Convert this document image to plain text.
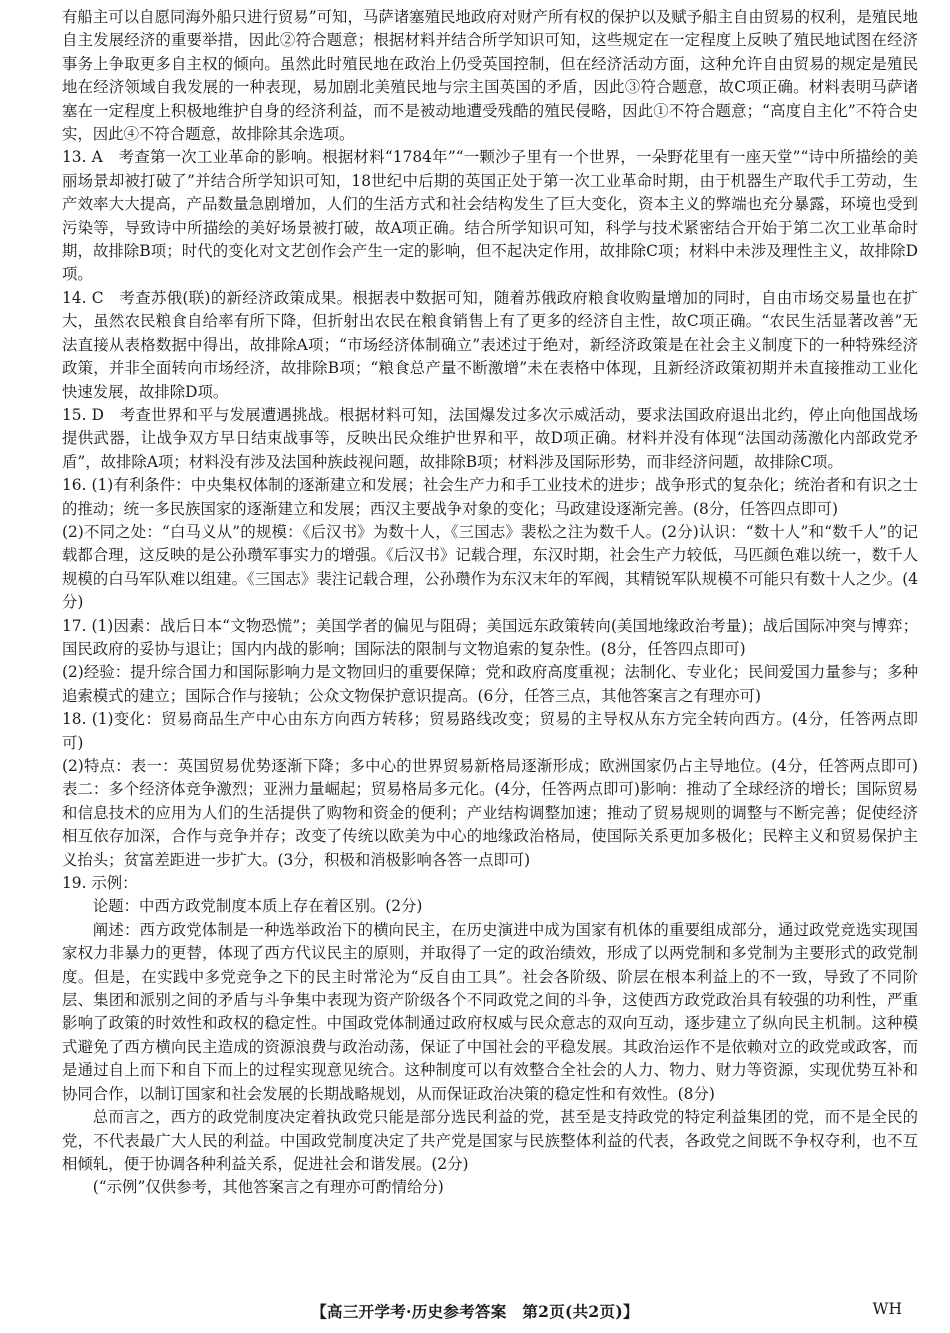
有船主可以自愿同海外船只进行贸易”可知，马萨诸塞殖民地政府对财产所有权的保护以及赋予船主自由贸易的权利，是殖民地自主发展经济的重要举措，因此②符合题意；根据材料并结合所学知识可知，这些规定在一定程度上反映了殖民地试图在经济事务上争取更多自主权的倾向。虽然此时殖民地在政治上仍受英国控制，但在经济活动方面，这种允许自由贸易的规定是殖民地在经济领域自我发展的一种表现，易加剧北美殖民地与宗主国英国的矛盾，因此③符合题意，故C项正确。材料表明马萨诸塞在一定程度上积极地维护自身的经济利益，而不是被动地遭受残酷的殖民侵略，因此①不符合题意；“高度自主化”不符合史实，因此④不符合题意，故排除其余选项。

13. A　考查第一次工业革命的影响。根据材料“1784年”“一颗沙子里有一个世界，一朵野花里有一座天堂”“诗中所描绘的美丽场景却被打破了”并结合所学知识可知，18世纪中后期的英国正处于第一次工业革命时期，由于机器生产取代手工劳动，生产效率大大提高，产品数量急剧增加，人们的生活方式和社会结构发生了巨大变化，资本主义的弊端也充分暴露，环境也受到污染等，导致诗中所描绘的美好场景被打破，故A项正确。结合所学知识可知，科学与技术紧密结合开始于第二次工业革命时期，故排除B项；时代的变化对文艺创作会产生一定的影响，但不起决定作用，故排除C项；材料中未涉及理性主义，故排除D项。

14. C　考查苏俄(联)的新经济政策成果。根据表中数据可知，随着苏俄政府粮食收购量增加的同时，自由市场交易量也在扩大，虽然农民粮食自给率有所下降，但折射出农民在粮食销售上有了更多的经济自主性，故C项正确。“农民生活显著改善”无法直接从表格数据中得出，故排除A项；“市场经济体制确立”表述过于绝对，新经济政策是在社会主义制度下的一种特殊经济政策，并非全面转向市场经济，故排除B项；“粮食总产量不断激增”未在表格中体现，且新经济政策初期并未直接推动工业化快速发展，故排除D项。

15. D　考查世界和平与发展遭遇挑战。根据材料可知，法国爆发过多次示威活动，要求法国政府退出北约，停止向他国战场提供武器，让战争双方早日结束战事等，反映出民众维护世界和平，故D项正确。材料并没有体现“法国动荡激化内部政党矛盾”，故排除A项；材料没有涉及法国种族歧视问题，故排除B项；材料涉及国际形势，而非经济问题，故排除C项。

16. (1)有利条件：中央集权体制的逐渐建立和发展；社会生产力和手工业技术的进步；战争形式的复杂化；统治者和有识之士的推动；统一多民族国家的逐渐建立和发展；西汉主要战争对象的变化；马政建设逐渐完善。(8分，任答四点即可)

(2)不同之处：“白马义从”的规模：《后汉书》为数十人，《三国志》裴松之注为数千人。(2分)认识：“数十人”和“数千人”的记载都合理，这反映的是公孙瓒军事实力的增强。《后汉书》记载合理，东汉时期，社会生产力较低，马匹颜色难以统一，数千人规模的白马军队难以组建。《三国志》裴注记载合理，公孙瓒作为东汉末年的军阀，其精锐军队规模不可能只有数十人之少。(4分)

17. (1)因素：战后日本“文物恐慌”；美国学者的偏见与阻碍；美国远东政策转向(美国地缘政治考量)；战后国际冲突与博弈；国民政府的妥协与退让；国内内战的影响；国际法的限制与文物追索的复杂性。(8分，任答四点即可)

(2)经验：提升综合国力和国际影响力是文物回归的重要保障；党和政府高度重视；法制化、专业化；民间爱国力量参与；多种追索模式的建立；国际合作与接轨；公众文物保护意识提高。(6分，任答三点，其他答案言之有理亦可)

18. (1)变化：贸易商品生产中心由东方向西方转移；贸易路线改变；贸易的主导权从东方完全转向西方。(4分，任答两点即可)

(2)特点：表一：英国贸易优势逐渐下降；多中心的世界贸易新格局逐渐形成；欧洲国家仍占主导地位。(4分，任答两点即可)表二：多个经济体竞争激烈；亚洲力量崛起；贸易格局多元化。(4分，任答两点即可)影响：推动了全球经济的增长；国际贸易和信息技术的应用为人们的生活提供了购物和资金的便利；产业结构调整加速；推动了贸易规则的调整与不断完善；促使经济相互依存加深，合作与竞争并存；改变了传统以欧美为中心的地缘政治格局，使国际关系更加多极化；民粹主义和贸易保护主义抬头；贫富差距进一步扩大。(3分，积极和消极影响各答一点即可)

19. 示例：

论题：中西方政党制度本质上存在着区别。(2分)

阐述：西方政党体制是一种选举政治下的横向民主，在历史演进中成为国家有机体的重要组成部分，通过政党竞选实现国家权力非暴力的更替，体现了西方代议民主的原则，并取得了一定的政治绩效，形成了以两党制和多党制为主要形式的政党制度。但是，在实践中多党竞争之下的民主时常沦为“反自由工具”。社会各阶级、阶层在根本利益上的不一致，导致了不同阶层、集团和派别之间的矛盾与斗争集中表现为资产阶级各个不同政党之间的斗争，这使西方政党政治具有较强的功利性，严重影响了政策的时效性和政权的稳定性。中国政党体制通过政府权威与民众意志的双向互动，逐步建立了纵向民主机制。这种模式避免了西方横向民主造成的资源浪费与政治动荡，保证了中国社会的平稳发展。其政治运作不是依赖对立的政党或政客，而是通过自上而下和自下而上的过程实现意见统合。这种制度可以有效整合全社会的人力、物力、财力等资源，实现优势互补和协同合作，以制订国家和社会发展的长期战略规划，从而保证政治决策的稳定性和有效性。(8分)

总而言之，西方的政党制度决定着执政党只能是部分选民利益的党，甚至是支持政党的特定利益集团的党，而不是全民的党，不代表最广大人民的利益。中国政党制度决定了共产党是国家与民族整体利益的代表，各政党之间既不争权夺利，也不互相倾轧，便于协调各种利益关系，促进社会和谐发展。(2分)

(“示例”仅供参考，其他答案言之有理亦可酌情给分)

【高三开学考·历史参考答案　第2页(共2页)】	WH
